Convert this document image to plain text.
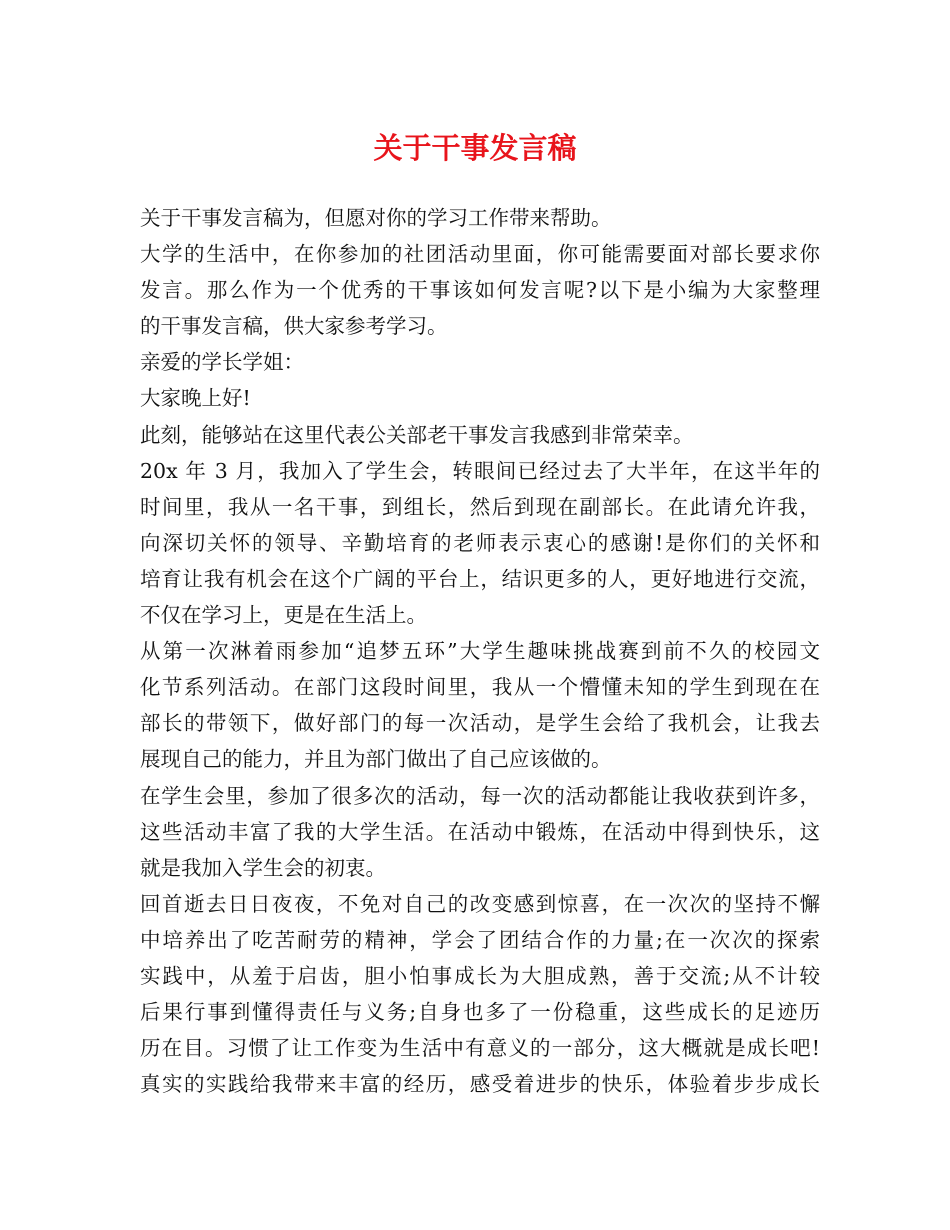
关于干事发言稿
关于干事发言稿为，但愿对你的学习工作带来帮助。
大学的生活中，在你参加的社团活动里面，你可能需要面对部长要求你
发言。那么作为一个优秀的干事该如何发言呢?以下是小编为大家整理
的干事发言稿，供大家参考学习。
亲爱的学长学姐：
大家晚上好!
此刻，能够站在这里代表公关部老干事发言我感到非常荣幸。
20x 年 3 月，我加入了学生会，转眼间已经过去了大半年，在这半年的
时间里，我从一名干事，到组长，然后到现在副部长。在此请允许我，
向深切关怀的领导、辛勤培育的老师表示衷心的感谢!是你们的关怀和
培育让我有机会在这个广阔的平台上，结识更多的人，更好地进行交流，
不仅在学习上，更是在生活上。
从第一次淋着雨参加“追梦五环”大学生趣味挑战赛到前不久的校园文
化节系列活动。在部门这段时间里，我从一个懵懂未知的学生到现在在
部长的带领下，做好部门的每一次活动，是学生会给了我机会，让我去
展现自己的能力，并且为部门做出了自己应该做的。
在学生会里，参加了很多次的活动，每一次的活动都能让我收获到许多，
这些活动丰富了我的大学生活。在活动中锻炼，在活动中得到快乐，这
就是我加入学生会的初衷。
回首逝去日日夜夜，不免对自己的改变感到惊喜，在一次次的坚持不懈
中培养出了吃苦耐劳的精神，学会了团结合作的力量;在一次次的探索
实践中，从羞于启齿，胆小怕事成长为大胆成熟，善于交流;从不计较
后果行事到懂得责任与义务;自身也多了一份稳重，这些成长的足迹历
历在目。习惯了让工作变为生活中有意义的一部分，这大概就是成长吧!
真实的实践给我带来丰富的经历，感受着进步的快乐，体验着步步成长
